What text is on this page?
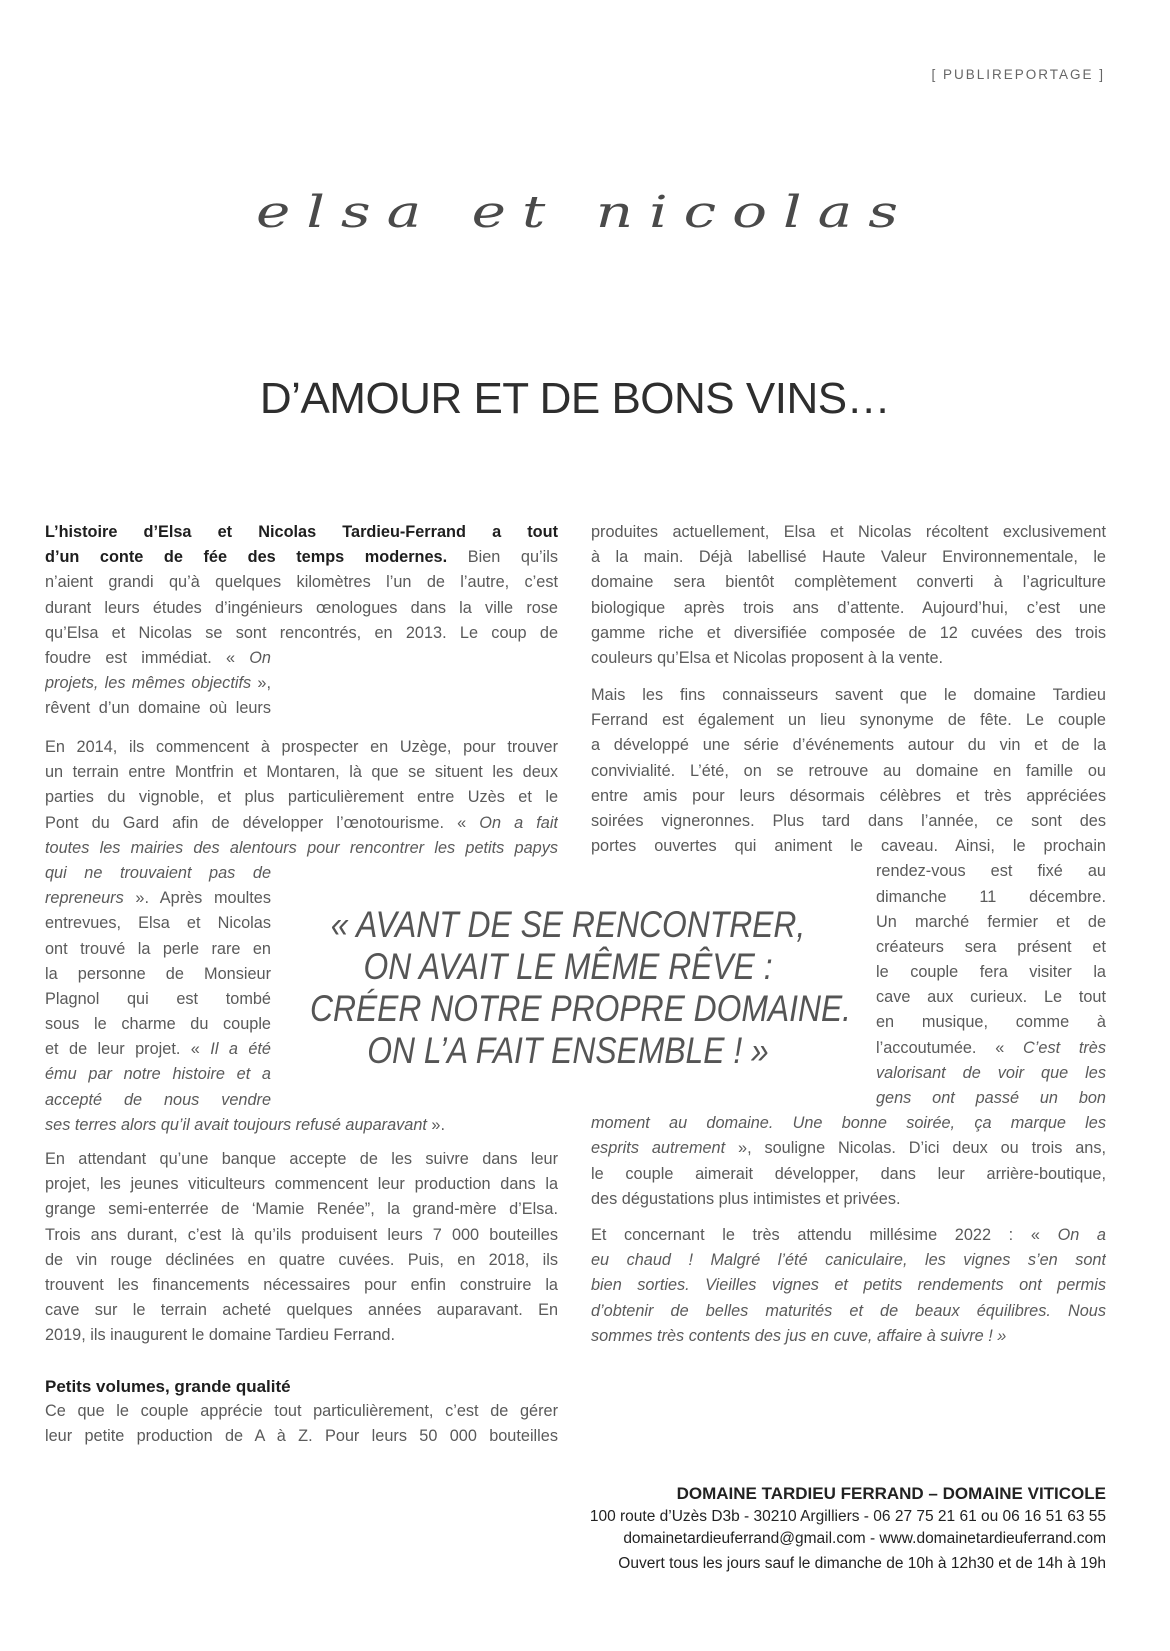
[ PUBLIREPORTAGE ]
elsa et nicolas
D’AMOUR ET DE BONS VINS…
L’histoire d’Elsa et Nicolas Tardieu-Ferrand a tout
d’un conte de fée des temps modernes. Bien qu’ils
n’aient grandi qu’à quelques kilomètres l’un de l’autre, c’est
durant leurs études d’ingénieurs œnologues dans la ville rose
qu’Elsa et Nicolas se sont rencontrés, en 2013. Le coup de
foudre est immédiat. « On
projets, les mêmes objectifs »,
rêvent d’un domaine où leurs
En 2014, ils commencent à prospecter en Uzège, pour trouver
un terrain entre Montfrin et Montaren, là que se situent les deux
parties du vignoble, et plus particulièrement entre Uzès et le
Pont du Gard afin de développer l’œnotourisme. « On a fait
toutes les mairies des alentours pour rencontrer les petits papys
qui ne trouvaient pas de
repreneurs ». Après moultes
entrevues, Elsa et Nicolas
ont trouvé la perle rare en
la personne de Monsieur
Plagnol qui est tombé
sous le charme du couple
et de leur projet. « Il a été
ému par notre histoire et a
accepté de nous vendre
ses terres alors qu’il avait toujours refusé auparavant ».
En attendant qu’une banque accepte de les suivre dans leur
projet, les jeunes viticulteurs commencent leur production dans la
grange semi-enterrée de ‘Mamie Renée”, la grand-mère d’Elsa.
Trois ans durant, c’est là qu’ils produisent leurs 7 000 bouteilles
de vin rouge déclinées en quatre cuvées. Puis, en 2018, ils
trouvent les financements nécessaires pour enfin construire la
cave sur le terrain acheté quelques années auparavant. En
2019, ils inaugurent le domaine Tardieu Ferrand.
Petits volumes, grande qualité
Ce que le couple apprécie tout particulièrement, c’est de gérer
leur petite production de A à Z. Pour leurs 50 000 bouteilles
produites actuellement, Elsa et Nicolas récoltent exclusivement
à la main. Déjà labellisé Haute Valeur Environnementale, le
domaine sera bientôt complètement converti à l’agriculture
biologique après trois ans d’attente. Aujourd’hui, c’est une
gamme riche et diversifiée composée de 12 cuvées des trois
couleurs qu’Elsa et Nicolas proposent à la vente.
Mais les fins connaisseurs savent que le domaine Tardieu
Ferrand est également un lieu synonyme de fête. Le couple
a développé une série d’événements autour du vin et de la
convivialité. L’été, on se retrouve au domaine en famille ou
entre amis pour leurs désormais célèbres et très appréciées
soirées vigneronnes. Plus tard dans l’année, ce sont des
portes ouvertes qui animent le caveau. Ainsi, le prochain
rendez-vous est fixé au
dimanche 11 décembre.
Un marché fermier et de
créateurs sera présent et
le couple fera visiter la
cave aux curieux. Le tout
en musique, comme à
l’accoutumée. « C’est très
valorisant de voir que les
gens ont passé un bon
moment au domaine. Une bonne soirée, ça marque les
esprits autrement », souligne Nicolas. D’ici deux ou trois ans,
le couple aimerait développer, dans leur arrière-boutique,
des dégustations plus intimistes et privées.
Et concernant le très attendu millésime 2022 : « On a
eu chaud ! Malgré l’été caniculaire, les vignes s’en sont
bien sorties. Vieilles vignes et petits rendements ont permis
d’obtenir de belles maturités et de beaux équilibres. Nous
sommes très contents des jus en cuve, affaire à suivre ! »
« AVANT DE SE RENCONTRER,
ON AVAIT LE MÊME RÊVE :
CRÉER NOTRE PROPRE DOMAINE.
ON L’A FAIT ENSEMBLE ! »
DOMAINE TARDIEU FERRAND – DOMAINE VITICOLE
100 route d’Uzès D3b - 30210 Argilliers - 06 27 75 21 61 ou 06 16 51 63 55
domainetardieuferrand@gmail.com - www.domainetardieuferrand.com
Ouvert tous les jours sauf le dimanche de 10h à 12h30 et de 14h à 19h
